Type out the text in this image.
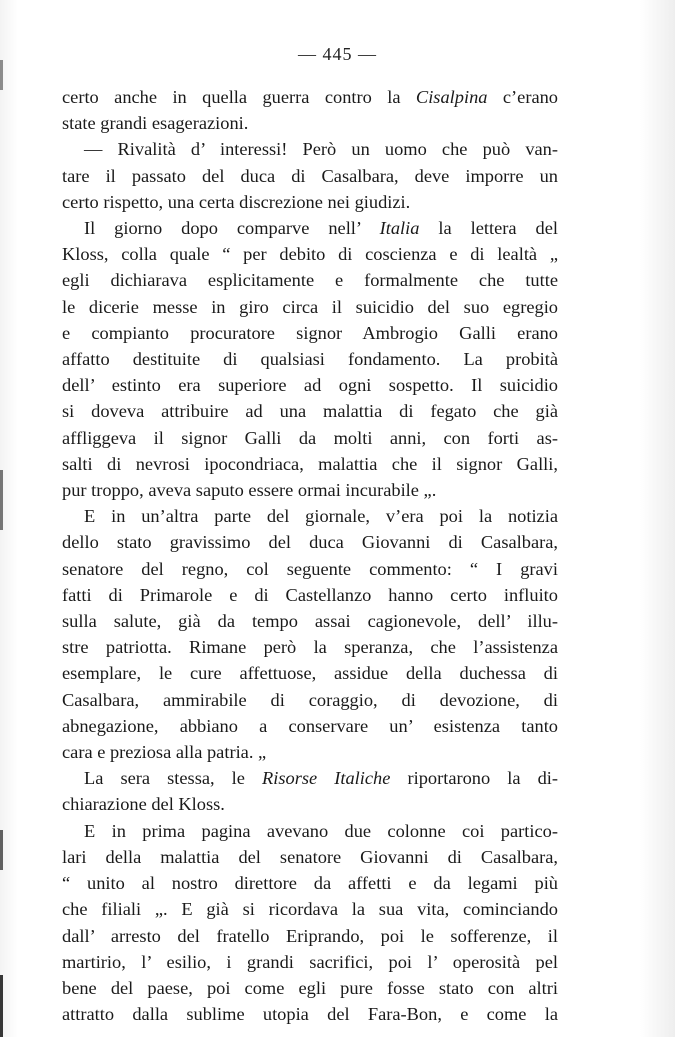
— 445 —
certo anche in quella guerra contro la Cisalpina c’erano
state grandi esagerazioni.
— Rivalità d’ interessi! Però un uomo che può van-
tare il passato del duca di Casalbara, deve imporre un
certo rispetto, una certa discrezione nei giudizi.
Il giorno dopo comparve nell’ Italia la lettera del
Kloss, colla quale “ per debito di coscienza e di lealtà „
egli dichiarava esplicitamente e formalmente che tutte
le dicerie messe in giro circa il suicidio del suo egregio
e compianto procuratore signor Ambrogio Galli erano
affatto destituite di qualsiasi fondamento. La probità
dell’ estinto era superiore ad ogni sospetto. Il suicidio
si doveva attribuire ad una malattia di fegato che già
affliggeva il signor Galli da molti anni, con forti as-
salti di nevrosi ipocondriaca, malattia che il signor Galli,
pur troppo, aveva saputo essere ormai incurabile „.
E in un’altra parte del giornale, v’era poi la notizia
dello stato gravissimo del duca Giovanni di Casalbara,
senatore del regno, col seguente commento: “ I gravi
fatti di Primarole e di Castellanzo hanno certo influito
sulla salute, già da tempo assai cagionevole, dell’ illu-
stre patriotta. Rimane però la speranza, che l’assistenza
esemplare, le cure affettuose, assidue della duchessa di
Casalbara, ammirabile di coraggio, di devozione, di
abnegazione, abbiano a conservare un’ esistenza tanto
cara e preziosa alla patria. „
La sera stessa, le Risorse Italiche riportarono la di-
chiarazione del Kloss.
E in prima pagina avevano due colonne coi partico-
lari della malattia del senatore Giovanni di Casalbara,
“ unito al nostro direttore da affetti e da legami più
che filiali „. E già si ricordava la sua vita, cominciando
dall’ arresto del fratello Eriprando, poi le sofferenze, il
martirio, l’ esilio, i grandi sacrifici, poi l’ operosità pel
bene del paese, poi come egli pure fosse stato con altri
attratto dalla sublime utopia del Fara-Bon, e come la
